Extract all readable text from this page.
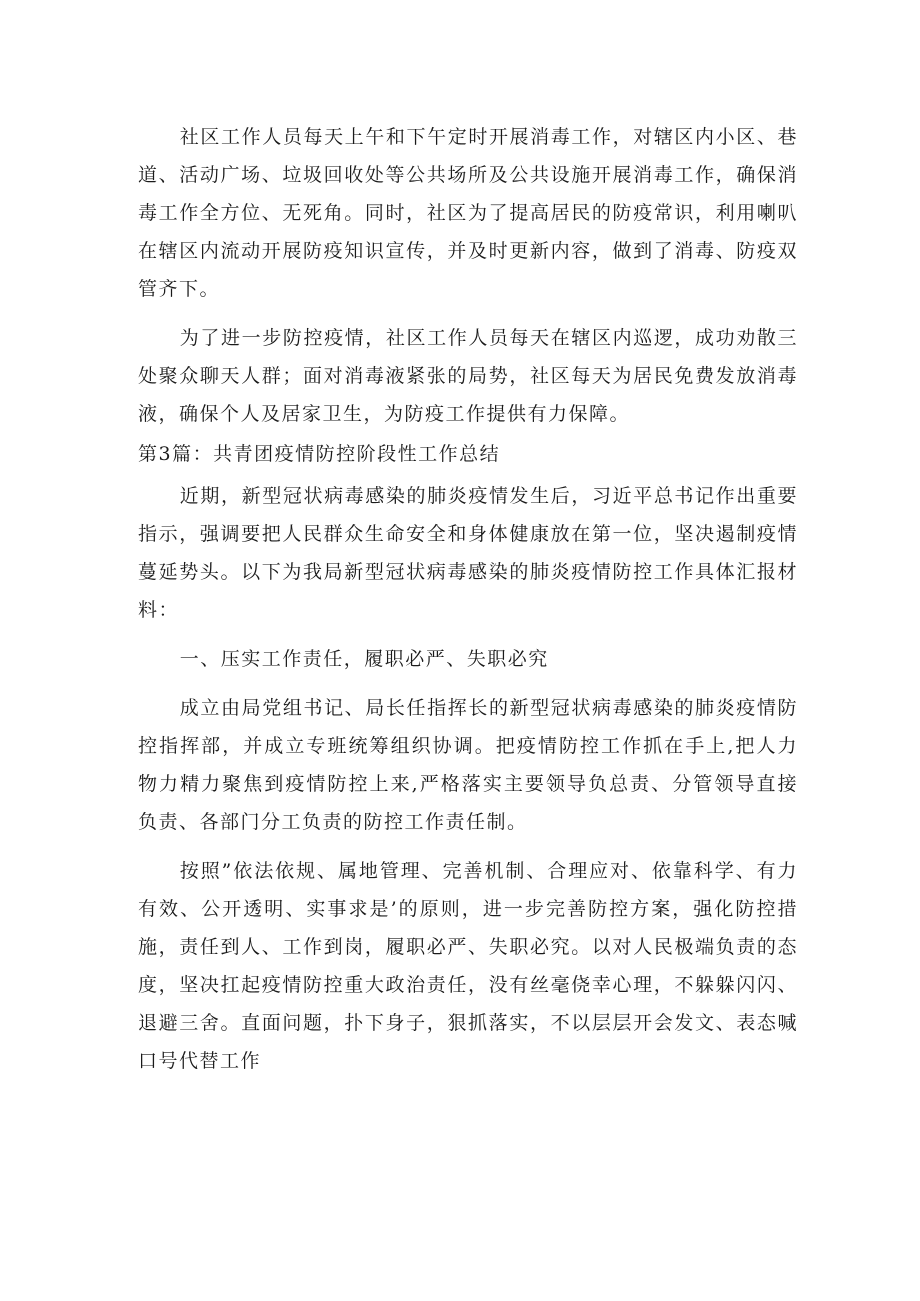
社区工作人员每天上午和下午定时开展消毒工作，对辖区内小区、巷道、活动广场、垃圾回收处等公共场所及公共设施开展消毒工作，确保消毒工作全方位、无死角。同时，社区为了提高居民的防疫常识，利用喇叭在辖区内流动开展防疫知识宣传，并及时更新内容，做到了消毒、防疫双管齐下。

为了进一步防控疫情，社区工作人员每天在辖区内巡逻，成功劝散三处聚众聊天人群；面对消毒液紧张的局势，社区每天为居民免费发放消毒液，确保个人及居家卫生，为防疫工作提供有力保障。

第3篇：共青团疫情防控阶段性工作总结

近期，新型冠状病毒感染的肺炎疫情发生后，习近平总书记作出重要指示，强调要把人民群众生命安全和身体健康放在第一位，坚决遏制疫情蔓延势头。以下为我局新型冠状病毒感染的肺炎疫情防控工作具体汇报材料：

一、压实工作责任，履职必严、失职必究

成立由局党组书记、局长任指挥长的新型冠状病毒感染的肺炎疫情防控指挥部，并成立专班统筹组织协调。把疫情防控工作抓在手上,把人力物力精力聚焦到疫情防控上来,严格落实主要领导负总责、分管领导直接负责、各部门分工负责的防控工作责任制。

按照”依法依规、属地管理、完善机制、合理应对、依靠科学、有力有效、公开透明、实事求是’的原则，进一步完善防控方案，强化防控措施，责任到人、工作到岗，履职必严、失职必究。以对人民极端负责的态度，坚决扛起疫情防控重大政治责任，没有丝毫侥幸心理，不躲躲闪闪、退避三舍。直面问题，扑下身子，狠抓落实，不以层层开会发文、表态喊口号代替工作
